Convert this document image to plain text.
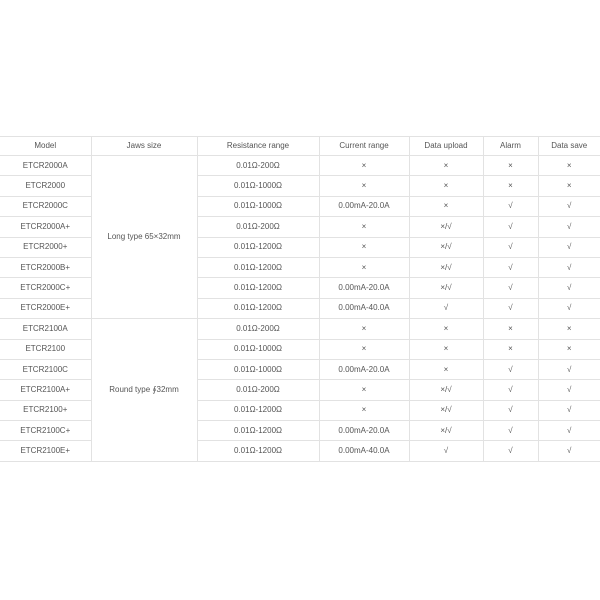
Model	Jaws size	Resistance range	Current range	Data upload	Alarm	Data save
ETCR2000A	Long type 65×32mm	0.01Ω-200Ω	×	×	×	×
ETCR2000		0.01Ω-1000Ω	×	×	×	×
ETCR2000C		0.01Ω-1000Ω	0.00mA-20.0A	×	√	√
ETCR2000A+		0.01Ω-200Ω	×	×/√	√	√
ETCR2000+		0.01Ω-1200Ω	×	×/√	√	√
ETCR2000B+		0.01Ω-1200Ω	×	×/√	√	√
ETCR2000C+		0.01Ω-1200Ω	0.00mA-20.0A	×/√	√	√
ETCR2000E+		0.01Ω-1200Ω	0.00mA-40.0A	√	√	√
ETCR2100A	Round type ∮32mm	0.01Ω-200Ω	×	×	×	×
ETCR2100		0.01Ω-1000Ω	×	×	×	×
ETCR2100C		0.01Ω-1000Ω	0.00mA-20.0A	×	√	√
ETCR2100A+		0.01Ω-200Ω	×	×/√	√	√
ETCR2100+		0.01Ω-1200Ω	×	×/√	√	√
ETCR2100C+		0.01Ω-1200Ω	0.00mA-20.0A	×/√	√	√
ETCR2100E+		0.01Ω-1200Ω	0.00mA-40.0A	√	√	√
